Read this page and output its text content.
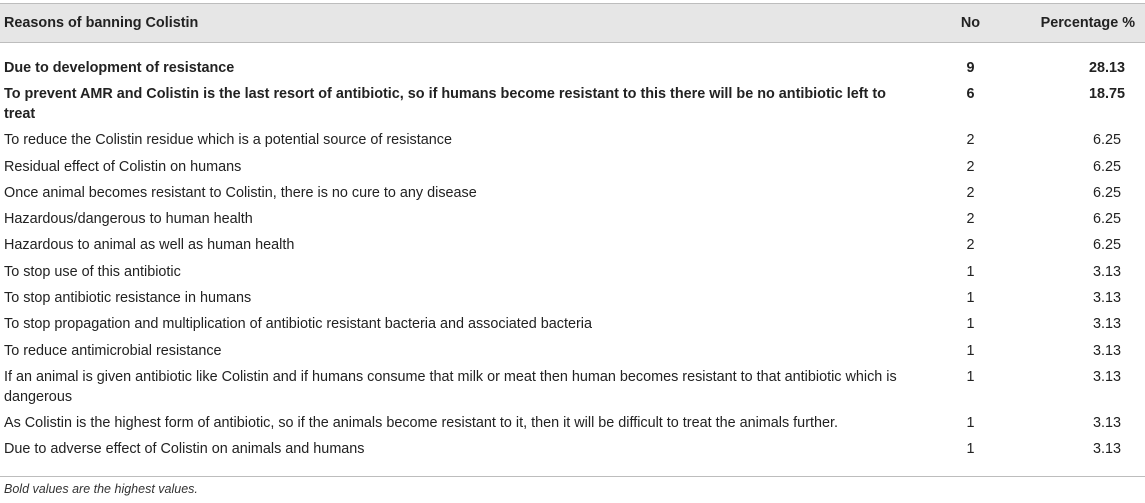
Reasons of banning Colistin	No	Percentage %
Due to development of resistance	9	28.13
To prevent AMR and Colistin is the last resort of antibiotic, so if humans become resistant to this there will be no antibiotic left to treat	6	18.75
To reduce the Colistin residue which is a potential source of resistance	2	6.25
Residual effect of Colistin on humans	2	6.25
Once animal becomes resistant to Colistin, there is no cure to any disease	2	6.25
Hazardous/dangerous to human health	2	6.25
Hazardous to animal as well as human health	2	6.25
To stop use of this antibiotic	1	3.13
To stop antibiotic resistance in humans	1	3.13
To stop propagation and multiplication of antibiotic resistant bacteria and associated bacteria	1	3.13
To reduce antimicrobial resistance	1	3.13
If an animal is given antibiotic like Colistin and if humans consume that milk or meat then human becomes resistant to that antibiotic which is dangerous	1	3.13
As Colistin is the highest form of antibiotic, so if the animals become resistant to it, then it will be difficult to treat the animals further.	1	3.13
Due to adverse effect of Colistin on animals and humans	1	3.13
Bold values are the highest values.
